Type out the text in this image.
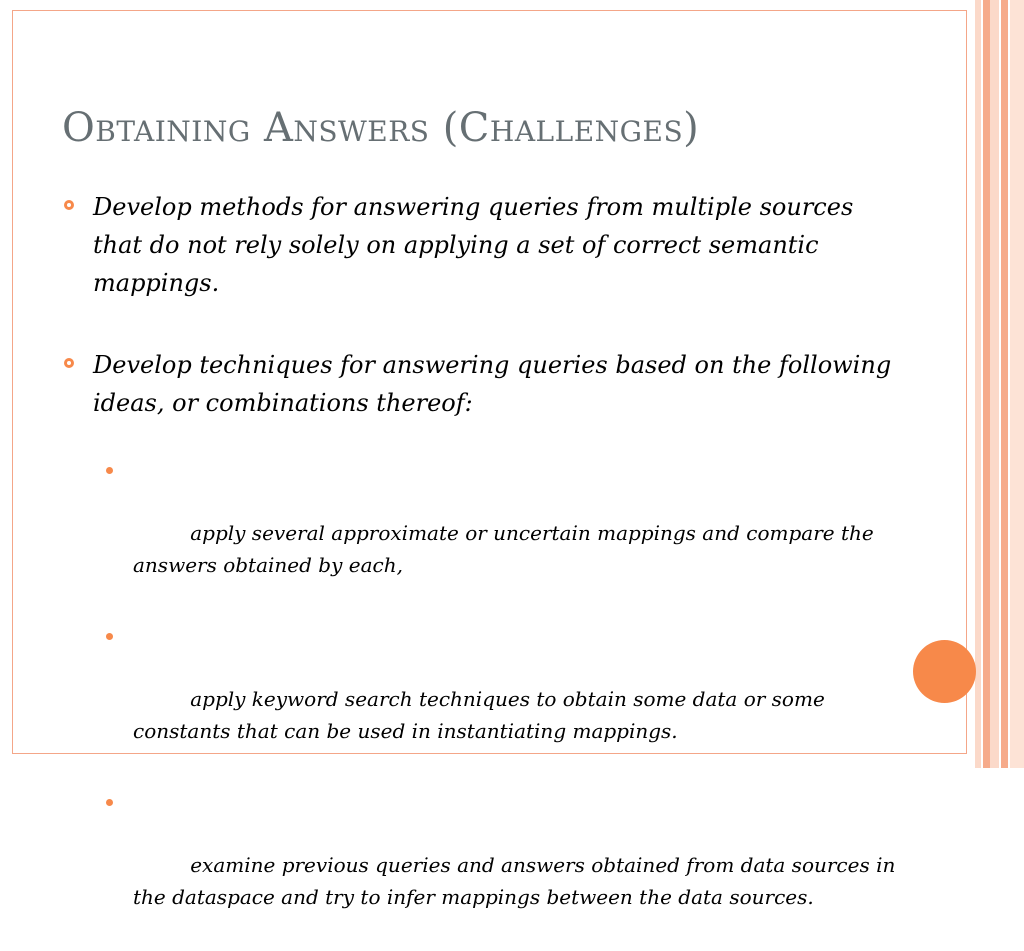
Obtaining Answers (Challenges)

Develop methods for answering queries from multiple sources that do not rely solely on applying a set of correct semantic mappings.

Develop techniques for answering queries based on the following ideas, or combinations thereof:

apply several approximate or uncertain mappings and compare the answers obtained by each,

apply keyword search techniques to obtain some data or some constants that can be used in instantiating mappings.

examine previous queries and answers obtained from data sources in the dataspace and try to infer mappings between the data sources.
